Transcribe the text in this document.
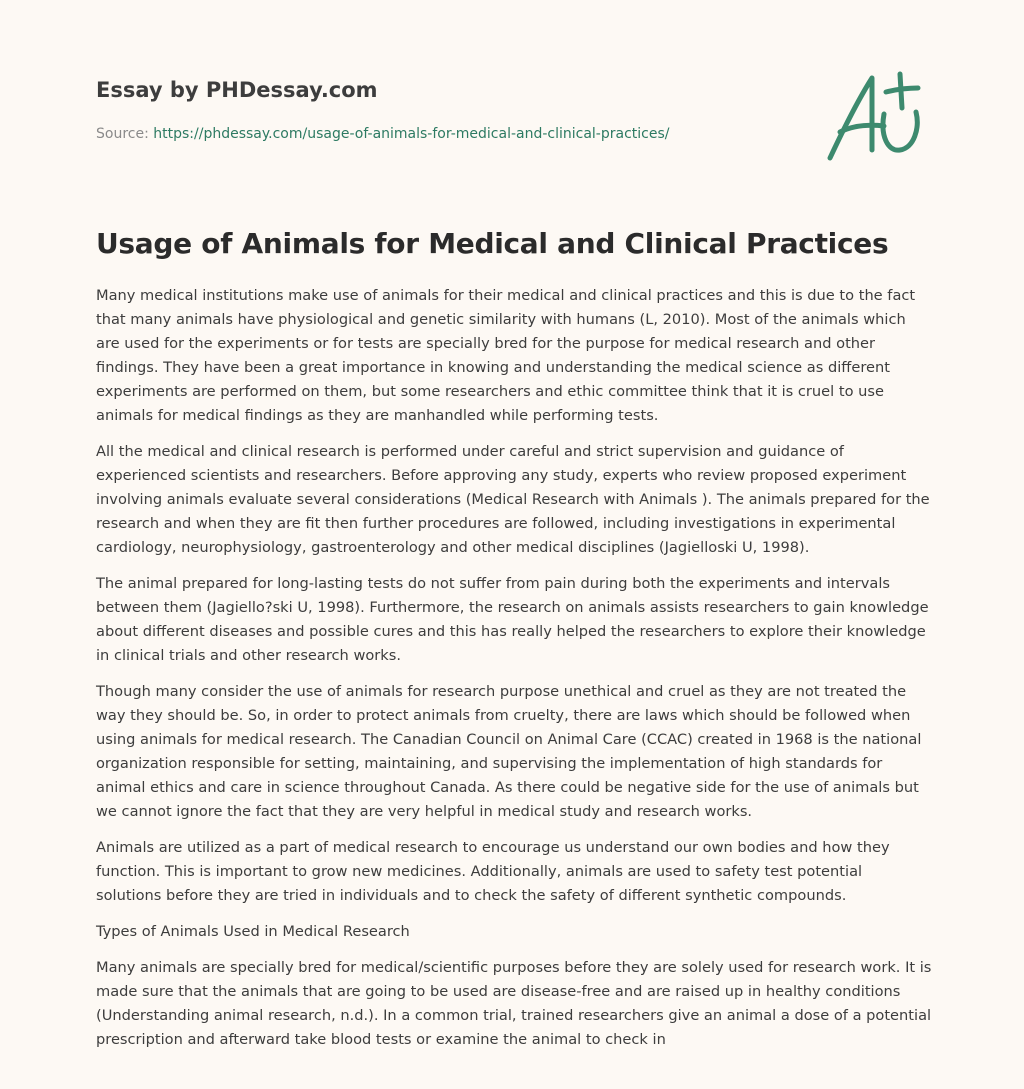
Essay by PHDessay.com
Source: https://phdessay.com/usage-of-animals-for-medical-and-clinical-practices/
Usage of Animals for Medical and Clinical Practices

Many medical institutions make use of animals for their medical and clinical practices and this is due to the fact that many animals have physiological and genetic similarity with humans (L, 2010). Most of the animals which are used for the experiments or for tests are specially bred for the purpose for medical research and other findings. They have been a great importance in knowing and understanding the medical science as different experiments are performed on them, but some researchers and ethic committee think that it is cruel to use animals for medical findings as they are manhandled while performing tests.

All the medical and clinical research is performed under careful and strict supervision and guidance of experienced scientists and researchers. Before approving any study, experts who review proposed experiment involving animals evaluate several considerations (Medical Research with Animals ). The animals prepared for the research and when they are fit then further procedures are followed, including investigations in experimental cardiology, neurophysiology, gastroenterology and other medical disciplines (Jagielloski U, 1998).

The animal prepared for long-lasting tests do not suffer from pain during both the experiments and intervals between them (Jagiello?ski U, 1998). Furthermore, the research on animals assists researchers to gain knowledge about different diseases and possible cures and this has really helped the researchers to explore their knowledge in clinical trials and other research works.

Though many consider the use of animals for research purpose unethical and cruel as they are not treated the way they should be. So, in order to protect animals from cruelty, there are laws which should be followed when using animals for medical research. The Canadian Council on Animal Care (CCAC) created in 1968 is the national organization responsible for setting, maintaining, and supervising the implementation of high standards for animal ethics and care in science throughout Canada. As there could be negative side for the use of animals but we cannot ignore the fact that they are very helpful in medical study and research works.

Animals are utilized as a part of medical research to encourage us understand our own bodies and how they function. This is important to grow new medicines. Additionally, animals are used to safety test potential solutions before they are tried in individuals and to check the safety of different synthetic compounds.

Types of Animals Used in Medical Research

Many animals are specially bred for medical/scientific purposes before they are solely used for research work. It is made sure that the animals that are going to be used are disease-free and are raised up in healthy conditions (Understanding animal research, n.d.). In a common trial, trained researchers give an animal a dose of a potential prescription and afterward take blood tests or examine the animal to check in
